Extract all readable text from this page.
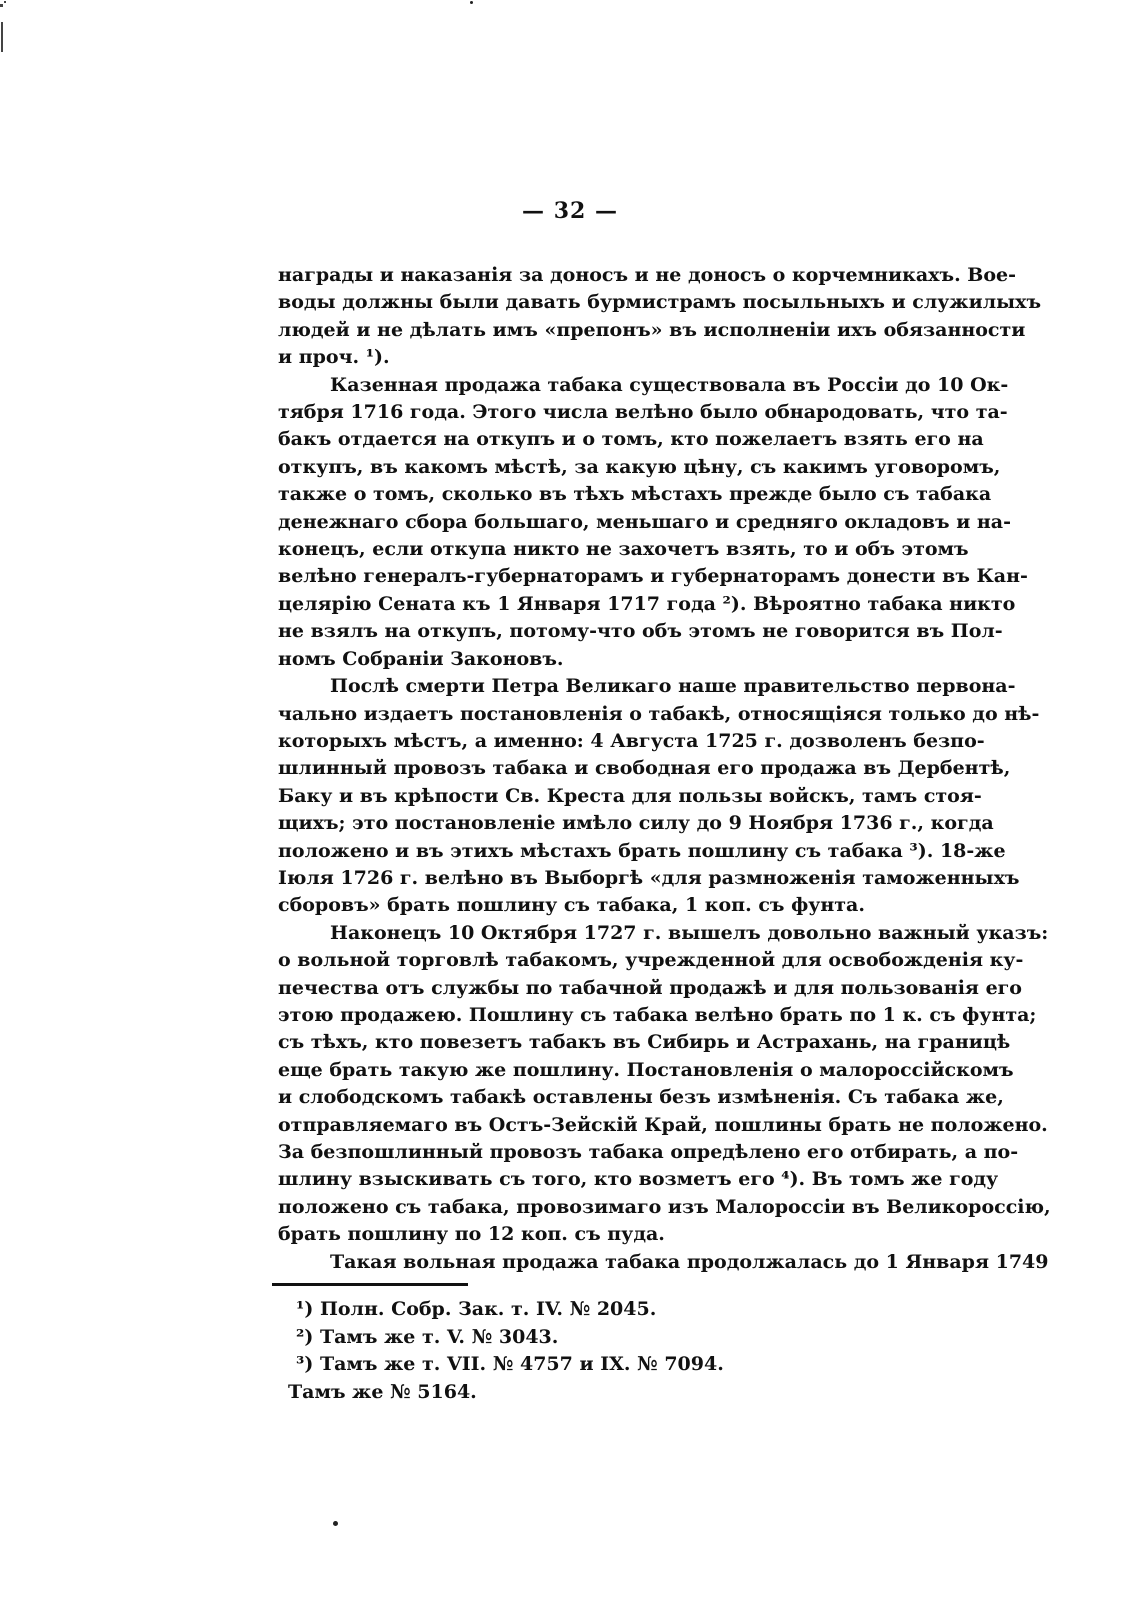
— 32 —
награды и наказанія за доносъ и не доносъ о корчемникахъ. Вое-
воды должны были давать бурмистрамъ посыльныхъ и служилыхъ
людей и не дѣлать имъ «препонъ» въ исполненіи ихъ обязанности
и проч. ¹).
Казенная продажа табака существовала въ Россіи до 10 Ок-
тября 1716 года. Этого числа велѣно было обнародовать, что та-
бакъ отдается на откупъ и о томъ, кто пожелаетъ взять его на
откупъ, въ какомъ мѣстѣ, за какую цѣну, съ какимъ уговоромъ,
также о томъ, сколько въ тѣхъ мѣстахъ прежде было съ табака
денежнаго сбора большаго, меньшаго и средняго окладовъ и на-
конецъ, если откупа никто не захочетъ взять, то и объ этомъ
велѣно генералъ-губернаторамъ и губернаторамъ донести въ Кан-
целярію Сената къ 1 Января 1717 года ²). Вѣроятно табака никто
не взялъ на откупъ, потому-что объ этомъ не говорится въ Пол-
номъ Собраніи Законовъ.
Послѣ смерти Петра Великаго наше правительство первона-
чально издаетъ постановленія о табакѣ, относящіяся только до нѣ-
которыхъ мѣстъ, а именно: 4 Августа 1725 г. дозволенъ безпо-
шлинный провозъ табака и свободная его продажа въ Дербентѣ,
Баку и въ крѣпости Св. Креста для пользы войскъ, тамъ стоя-
щихъ; это постановленіе имѣло силу до 9 Ноября 1736 г., когда
положено и въ этихъ мѣстахъ брать пошлину съ табака ³). 18-же
Іюля 1726 г. велѣно въ Выборгѣ «для размноженія таможенныхъ
сборовъ» брать пошлину съ табака, 1 коп. съ фунта.
Наконецъ 10 Октября 1727 г. вышелъ довольно важный указъ:
о вольной торговлѣ табакомъ, учрежденной для освобожденія ку-
печества отъ службы по табачной продажѣ и для пользованія его
этою продажею. Пошлину съ табака велѣно брать по 1 к. съ фунта;
съ тѣхъ, кто повезетъ табакъ въ Сибирь и Астрахань, на границѣ
еще брать такую же пошлину. Постановленія о малороссійскомъ
и слободскомъ табакѣ оставлены безъ измѣненія. Съ табака же,
отправляемаго въ Остъ-Зейскій Край, пошлины брать не положено.
За безпошлинный провозъ табака опредѣлено его отбирать, а по-
шлину взыскивать съ того, кто возметъ его ⁴). Въ томъ же году
положено съ табака, провозимаго изъ Малороссіи въ Великороссію,
брать пошлину по 12 коп. съ пуда.
Такая вольная продажа табака продолжалась до 1 Января 1749
¹) Полн. Собр. Зак. т. IV. № 2045.
²) Тамъ же т. V. № 3043.
³) Тамъ же т. VII. № 4757 и IX. № 7094.
Тамъ же № 5164.
